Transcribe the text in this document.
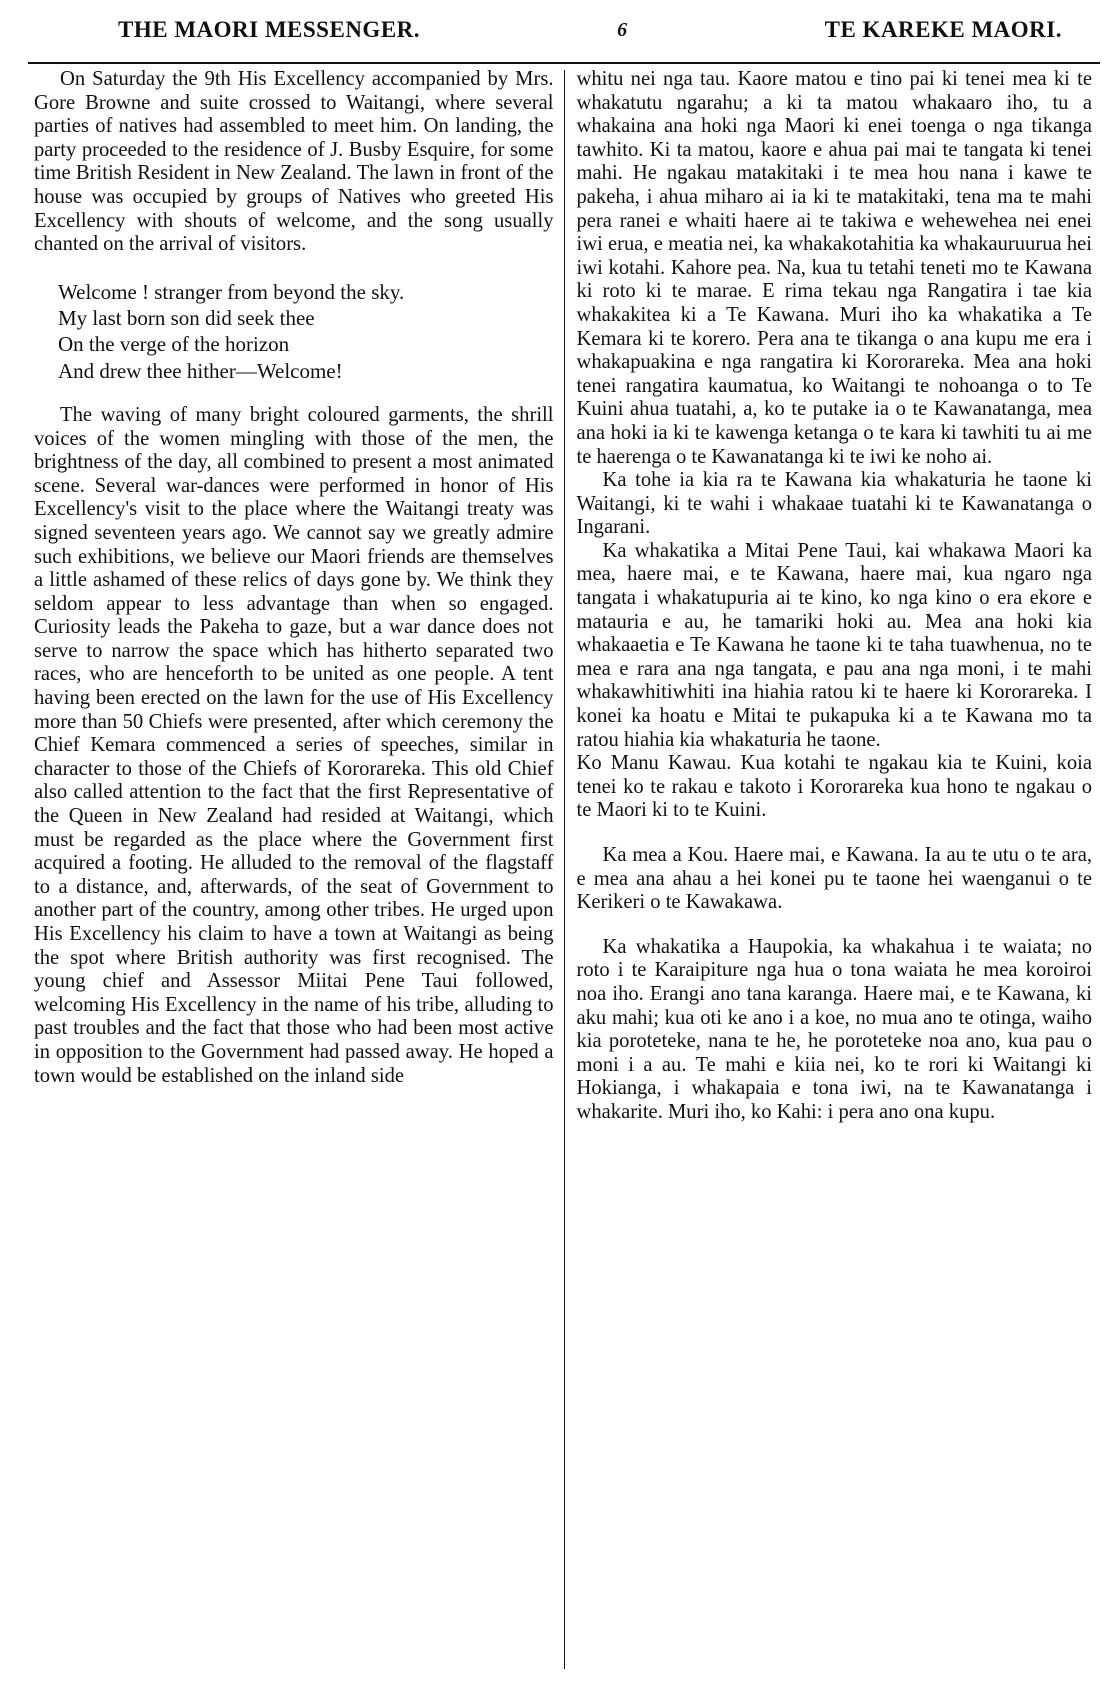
THE MAORI MESSENGER.	6	TE KAREKE MAORI.

On Saturday the 9th His Excellency accompanied by Mrs. Gore Browne and suite crossed to Waitangi, where several parties of natives had assembled to meet him. On landing, the party proceeded to the residence of J. Busby Esquire, for some time British Resident in New Zealand. The lawn in front of the house was occupied by groups of Natives who greeted His Excellency with shouts of welcome, and the song usually chanted on the arrival of visitors.

Welcome ! stranger from beyond the sky.
My last born son did seek thee
On the verge of the horizon
And drew thee hither—Welcome!

The waving of many bright coloured garments, the shrill voices of the women mingling with those of the men, the brightness of the day, all combined to present a most animated scene. Several war-dances were performed in honor of His Excellency's visit to the place where the Waitangi treaty was signed seventeen years ago. We cannot say we greatly admire such exhibitions, we believe our Maori friends are themselves a little ashamed of these relics of days gone by. We think they seldom appear to less advantage than when so engaged. Curiosity leads the Pakeha to gaze, but a war dance does not serve to narrow the space which has hitherto separated two races, who are henceforth to be united as one people. A tent having been erected on the lawn for the use of His Excellency more than 50 Chiefs were presented, after which ceremony the Chief Kemara commenced a series of speeches, similar in character to those of the Chiefs of Kororareka. This old Chief also called attention to the fact that the first Representative of the Queen in New Zealand had resided at Waitangi, which must be regarded as the place where the Government first acquired a footing. He alluded to the removal of the flagstaff to a distance, and, afterwards, of the seat of Government to another part of the country, among other tribes. He urged upon His Excellency his claim to have a town at Waitangi as being the spot where British authority was first recognised. The young chief and Assessor Miitai Pene Taui followed, welcoming His Excellency in the name of his tribe, alluding to past troubles and the fact that those who had been most active in opposition to the Government had passed away. He hoped a town would be established on the inland side

whitu nei nga tau. Kaore matou e tino pai ki tenei mea ki te whakatutu ngarahu; a ki ta matou whakaaro iho, tu a whakaina ana hoki nga Maori ki enei toenga o nga tikanga tawhito. Ki ta matou, kaore e ahua pai mai te tangata ki tenei mahi. He ngakau matakitaki i te mea hou nana i kawe te pakeha, i ahua miharo ai ia ki te matakitaki, tena ma te mahi pera ranei e whaiti haere ai te takiwa e wehewehea nei enei iwi erua, e meatia nei, ka whakakotahitia ka whakauruurua hei iwi kotahi. Kahore pea. Na, kua tu tetahi teneti mo te Kawana ki roto ki te marae. E rima tekau nga Rangatira i tae kia whakakitea ki a Te Kawana. Muri iho ka whakatika a Te Kemara ki te korero. Pera ana te tikanga o ana kupu me era i whakapuakina e nga rangatira ki Kororareka. Mea ana hoki tenei rangatira kaumatua, ko Waitangi te nohoanga o to Te Kuini ahua tuatahi, a, ko te putake ia o te Kawanatanga, mea ana hoki ia ki te kawenga ketanga o te kara ki tawhiti tu ai me te haerenga o te Kawanatanga ki te iwi ke noho ai.

Ka tohe ia kia ra te Kawana kia whakaturia he taone ki Waitangi, ki te wahi i whakaae tuatahi ki te Kawanatanga o Ingarani.

Ka whakatika a Mitai Pene Taui, kai whakawa Maori ka mea, haere mai, e te Kawana, haere mai, kua ngaro nga tangata i whakatupuria ai te kino, ko nga kino o era ekore e matauria e au, he tamariki hoki au. Mea ana hoki kia whakaaetia e Te Kawana he taone ki te taha tuawhenua, no te mea e rara ana nga tangata, e pau ana nga moni, i te mahi whakawhitiwhiti ina hiahia ratou ki te haere ki Kororareka. I konei ka hoatu e Mitai te pukapuka ki a te Kawana mo ta ratou hiahia kia whakaturia he taone.

Ko Manu Kawau. Kua kotahi te ngakau kia te Kuini, koia tenei ko te rakau e takoto i Kororareka kua hono te ngakau o te Maori ki to te Kuini.

Ka mea a Kou. Haere mai, e Kawana. Ia au te utu o te ara, e mea ana ahau a hei konei pu te taone hei waenganui o te Kerikeri o te Kawakawa.

Ka whakatika a Haupokia, ka whakahua i te waiata; no roto i te Karaipiture nga hua o tona waiata he mea koroiroi noa iho. Erangi ano tana karanga. Haere mai, e te Kawana, ki aku mahi; kua oti ke ano i a koe, no mua ano te otinga, waiho kia poroteteke, nana te he, he poroteteke noa ano, kua pau o moni i a au. Te mahi e kiia nei, ko te rori ki Waitangi ki Hokianga, i whakapaia e tona iwi, na te Kawanatanga i whakarite. Muri iho, ko Kahi: i pera ano ona kupu.
